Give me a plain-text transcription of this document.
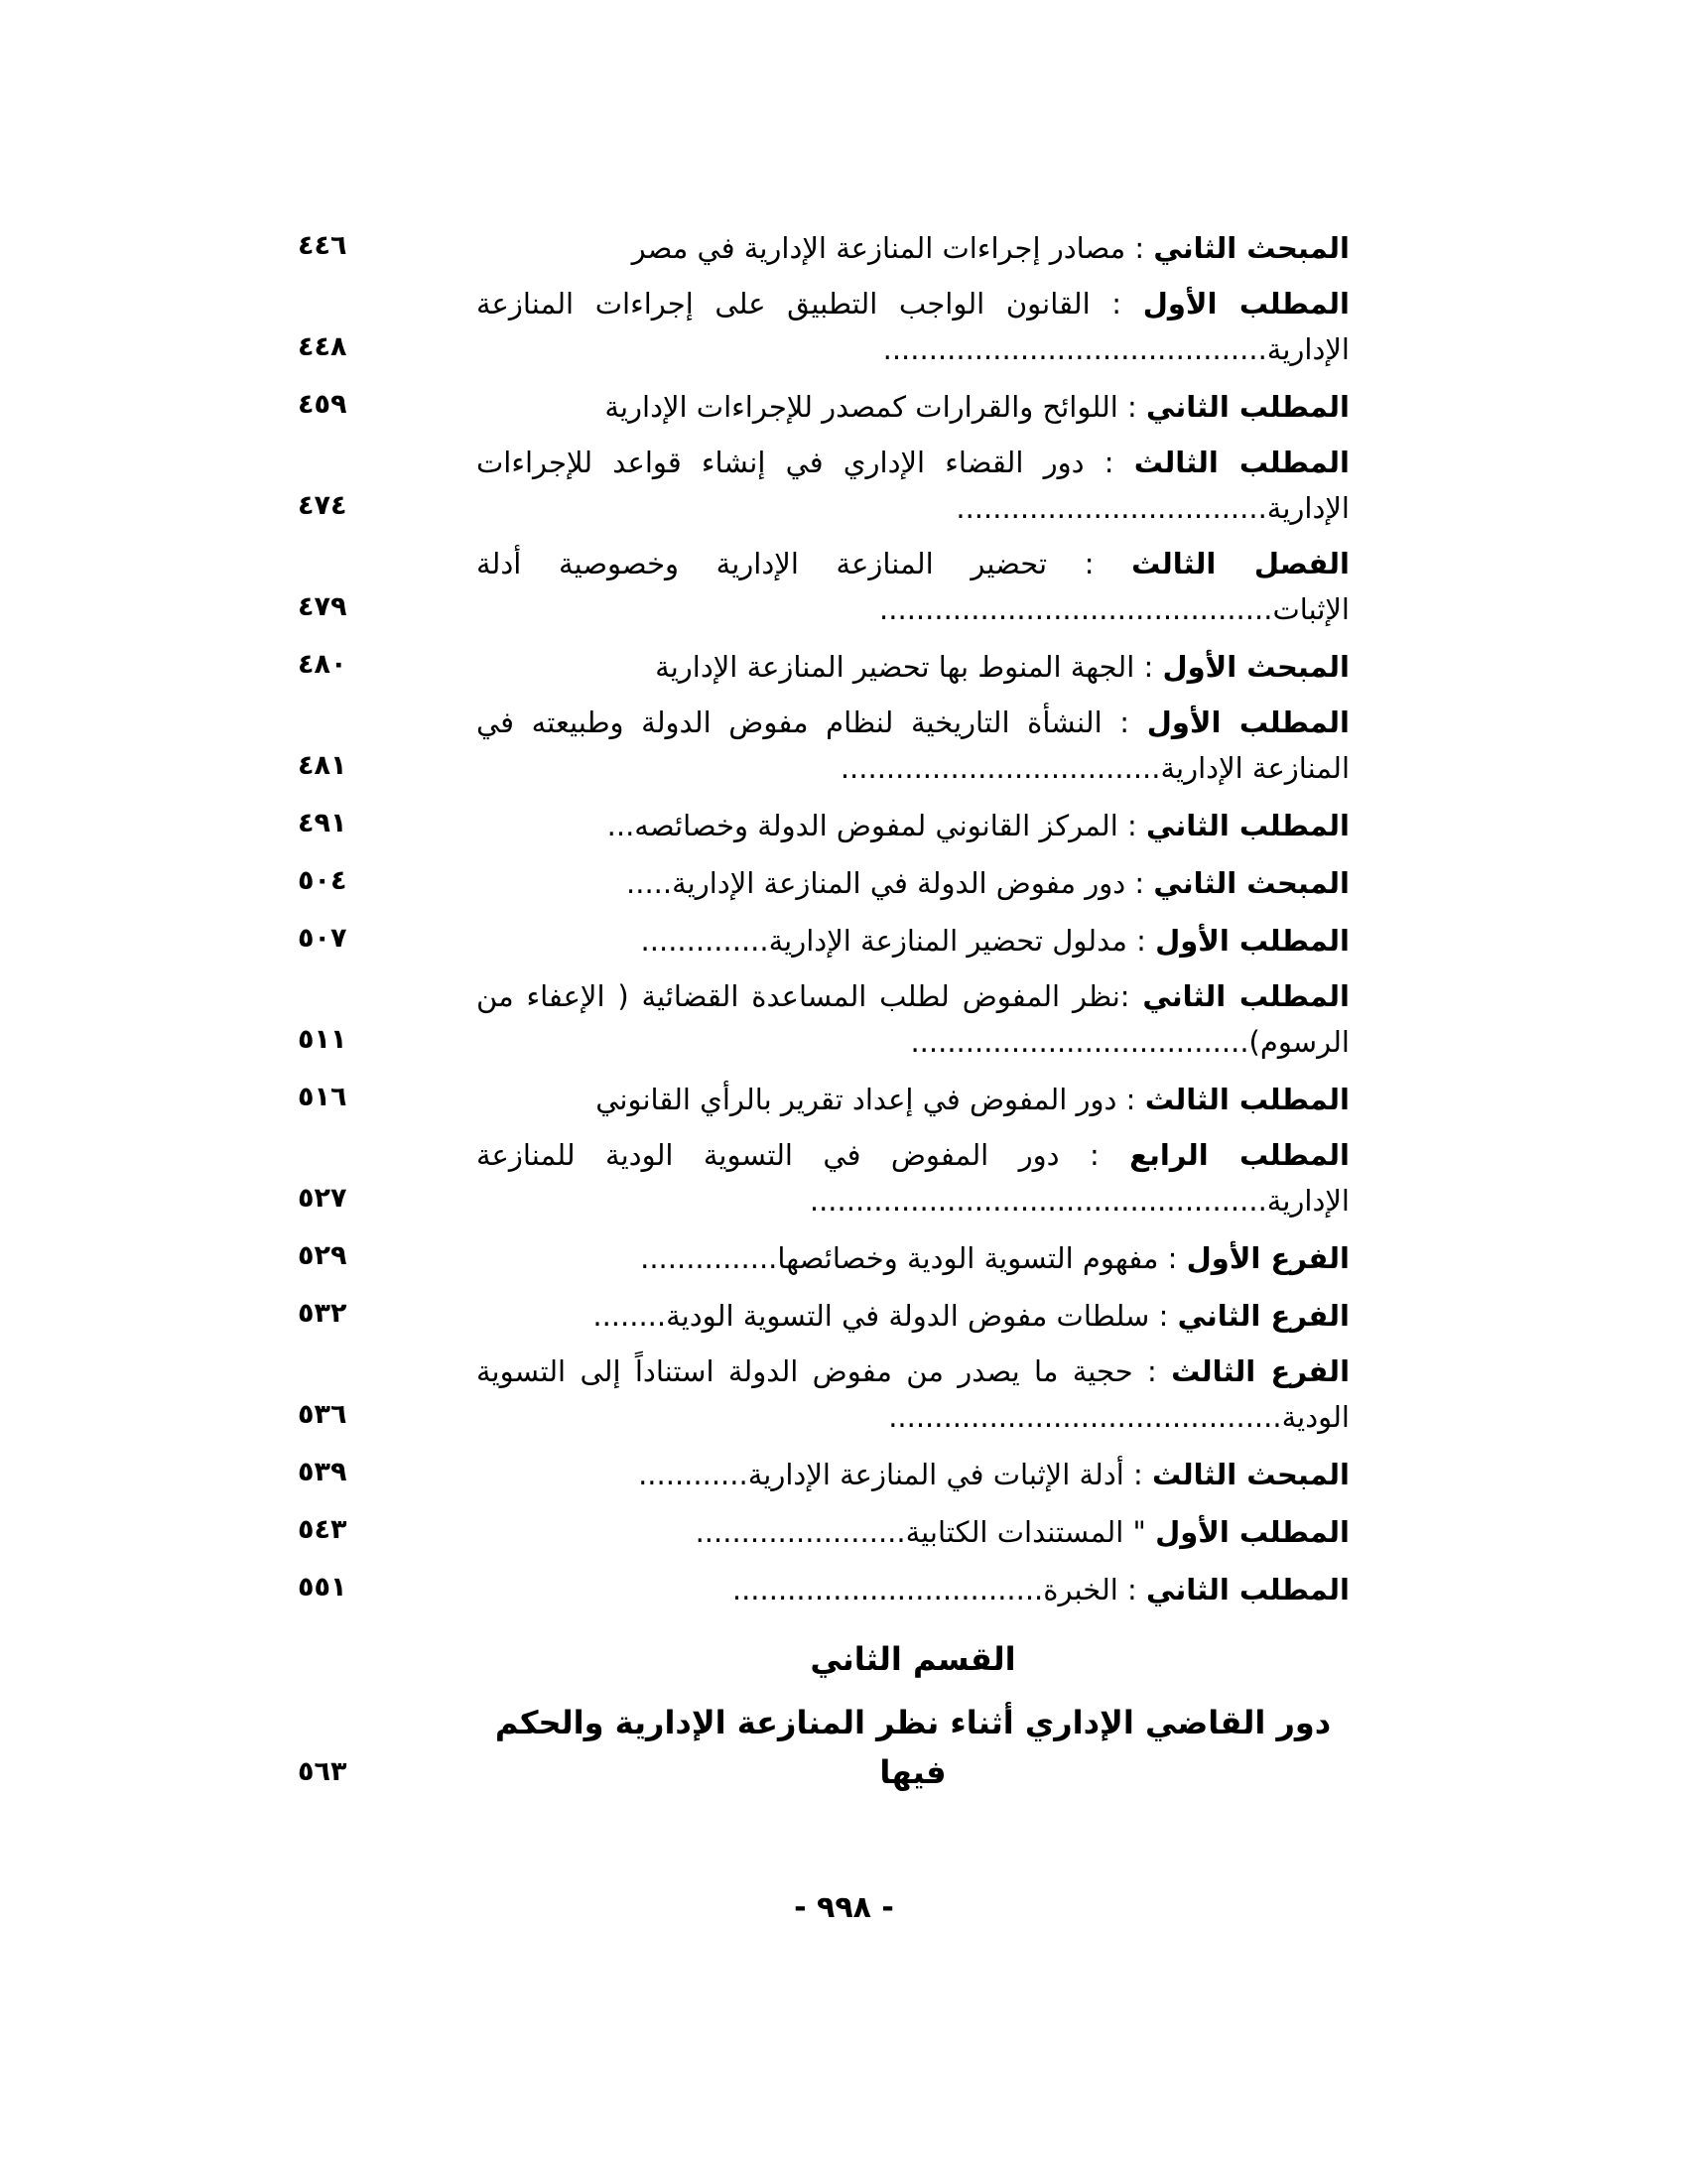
المبحث الثاني : مصادر إجراءات المنازعة الإدارية في مصر
٤٤٦
المطلب الأول : القانون الواجب التطبيق على إجراءات المنازعة الإدارية..........................................
٤٤٨
المطلب الثاني : اللوائح والقرارات كمصدر للإجراءات الإدارية
٤٥٩
المطلب الثالث : دور القضاء الإداري في إنشاء قواعد للإجراءات الإدارية..................................
٤٧٤
الفصل الثالث : تحضير المنازعة الإدارية وخصوصية أدلة الإثبات...........................................
٤٧٩
المبحث الأول : الجهة المنوط بها تحضير المنازعة الإدارية
٤٨٠
المطلب الأول : النشأة التاريخية لنظام مفوض الدولة وطبيعته في المنازعة الإدارية...................................
٤٨١
المطلب الثاني : المركز القانوني لمفوض الدولة وخصائصه...
٤٩١
المبحث الثاني : دور مفوض الدولة في المنازعة الإدارية.....
٥٠٤
المطلب الأول : مدلول تحضير المنازعة الإدارية..............
٥٠٧
المطلب الثاني :نظر المفوض لطلب المساعدة القضائية ( الإعفاء من الرسوم).....................................
٥١١
المطلب الثالث : دور المفوض في إعداد تقرير بالرأي القانوني
٥١٦
المطلب الرابع : دور المفوض في التسوية الودية للمنازعة الإدارية..................................................
٥٢٧
الفرع الأول : مفهوم التسوية الودية وخصائصها...............
٥٢٩
الفرع الثاني : سلطات مفوض الدولة في التسوية الودية........
٥٣٢
الفرع الثالث : حجية ما يصدر من مفوض الدولة استناداً إلى التسوية الودية...........................................
٥٣٦
المبحث الثالث : أدلة الإثبات في المنازعة الإدارية............
٥٣٩
المطلب الأول " المستندات الكتابية.......................
٥٤٣
المطلب الثاني : الخبرة..................................
٥٥١
القسم الثاني
دور القاضي الإداري أثناء نظر المنازعة الإدارية والحكم فيها
٥٦٣
- ٩٩٨ -
